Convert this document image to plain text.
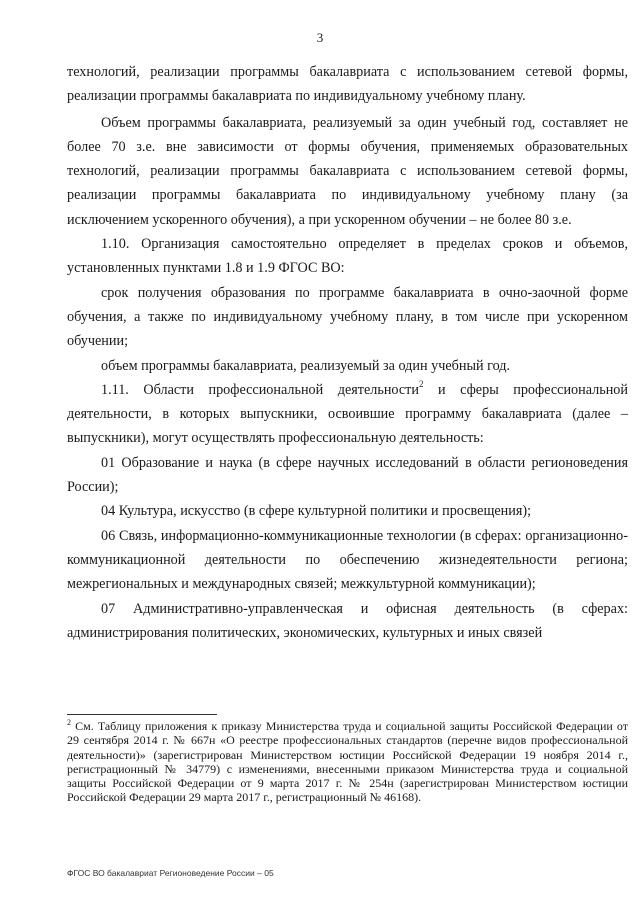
3

технологий, реализации программы бакалавриата с использованием сетевой формы, реализации программы бакалавриата по индивидуальному учебному плану.

Объем программы бакалавриата, реализуемый за один учебный год, составляет не более 70 з.е. вне зависимости от формы обучения, применяемых образовательных технологий, реализации программы бакалавриата с использованием сетевой формы, реализации программы бакалавриата по индивидуальному учебному плану (за исключением ускоренного обучения), а при ускоренном обучении – не более 80 з.е.

1.10. Организация самостоятельно определяет в пределах сроков и объемов, установленных пунктами 1.8 и 1.9 ФГОС ВО:

срок получения образования по программе бакалавриата в очно-заочной форме обучения, а также по индивидуальному учебному плану, в том числе при ускоренном обучении;

объем программы бакалавриата, реализуемый за один учебный год.

1.11. Области профессиональной деятельности$^2$ и сферы профессиональной деятельности, в которых выпускники, освоившие программу бакалавриата (далее – выпускники), могут осуществлять профессиональную деятельность:

01 Образование и наука (в сфере научных исследований в области регионоведения России);

04 Культура, искусство (в сфере культурной политики и просвещения);

06 Связь, информационно-коммуникационные технологии (в сферах: организационно-коммуникационной деятельности по обеспечению жизнедеятельности региона; межрегиональных и международных связей; межкультурной коммуникации);

07 Административно-управленческая и офисная деятельность (в сферах: администрирования политических, экономических, культурных и иных связей

$^2$ См. Таблицу приложения к приказу Министерства труда и социальной защиты Российской Федерации от 29 сентября 2014 г. № 667н «О реестре профессиональных стандартов (перечне видов профессиональной деятельности)» (зарегистрирован Министерством юстиции Российской Федерации 19 ноября 2014 г., регистрационный № 34779) с изменениями, внесенными приказом Министерства труда и социальной защиты Российской Федерации от 9 марта 2017 г. № 254н (зарегистрирован Министерством юстиции Российской Федерации 29 марта 2017 г., регистрационный № 46168).
ФГОС ВО бакалавриат Регионоведение России – 05
